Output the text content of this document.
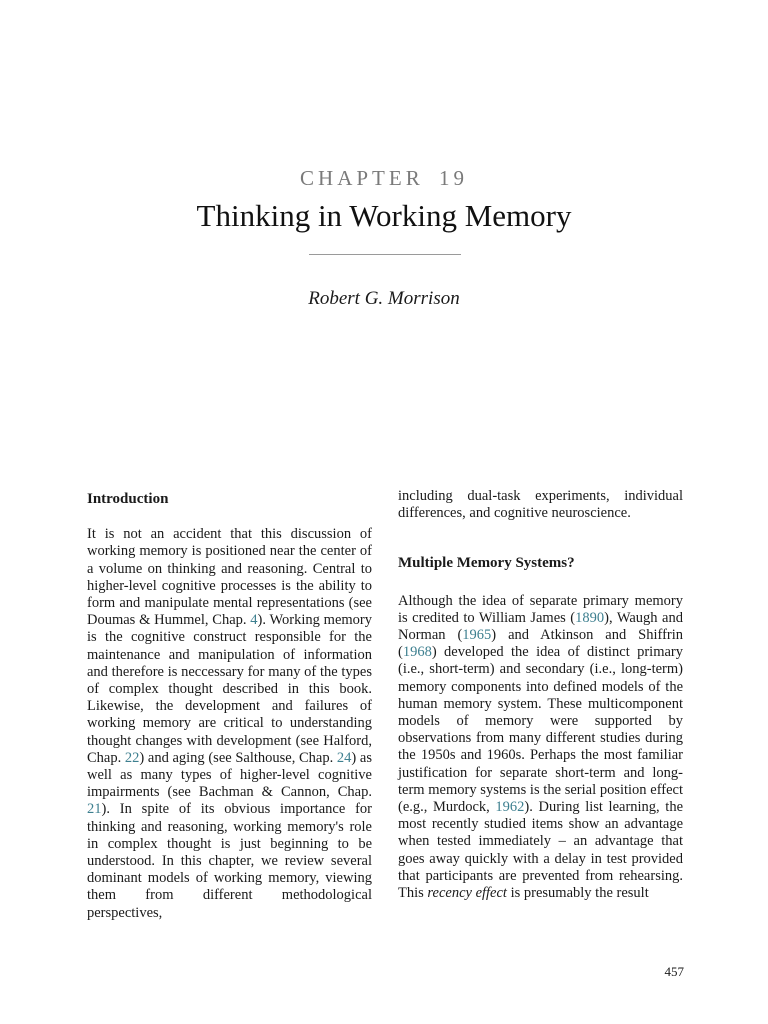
CHAPTER 19
Thinking in Working Memory
Robert G. Morrison
Introduction

It is not an accident that this discussion of working memory is positioned near the center of a volume on thinking and reasoning. Central to higher-level cognitive processes is the ability to form and manipulate mental representations (see Doumas & Hummel, Chap. 4). Working memory is the cognitive construct responsible for the maintenance and manipulation of information and therefore is neccessary for many of the types of complex thought described in this book. Likewise, the development and failures of working memory are critical to understanding thought changes with development (see Halford, Chap. 22) and aging (see Salthouse, Chap. 24) as well as many types of higher-level cognitive impairments (see Bachman & Cannon, Chap. 21). In spite of its obvious importance for thinking and reasoning, working memory's role in complex thought is just beginning to be understood. In this chapter, we review several dominant models of working memory, viewing them from different methodological perspectives,

including dual-task experiments, individual differences, and cognitive neuroscience.

Multiple Memory Systems?

Although the idea of separate primary memory is credited to William James (1890), Waugh and Norman (1965) and Atkinson and Shiffrin (1968) developed the idea of distinct primary (i.e., short-term) and secondary (i.e., long-term) memory components into defined models of the human memory system. These multicomponent models of memory were supported by observations from many different studies during the 1950s and 1960s. Perhaps the most familiar justification for separate short-term and long-term memory systems is the serial position effect (e.g., Murdock, 1962). During list learning, the most recently studied items show an advantage when tested immediately – an advantage that goes away quickly with a delay in test provided that participants are prevented from rehearsing. This recency effect is presumably the result

457
